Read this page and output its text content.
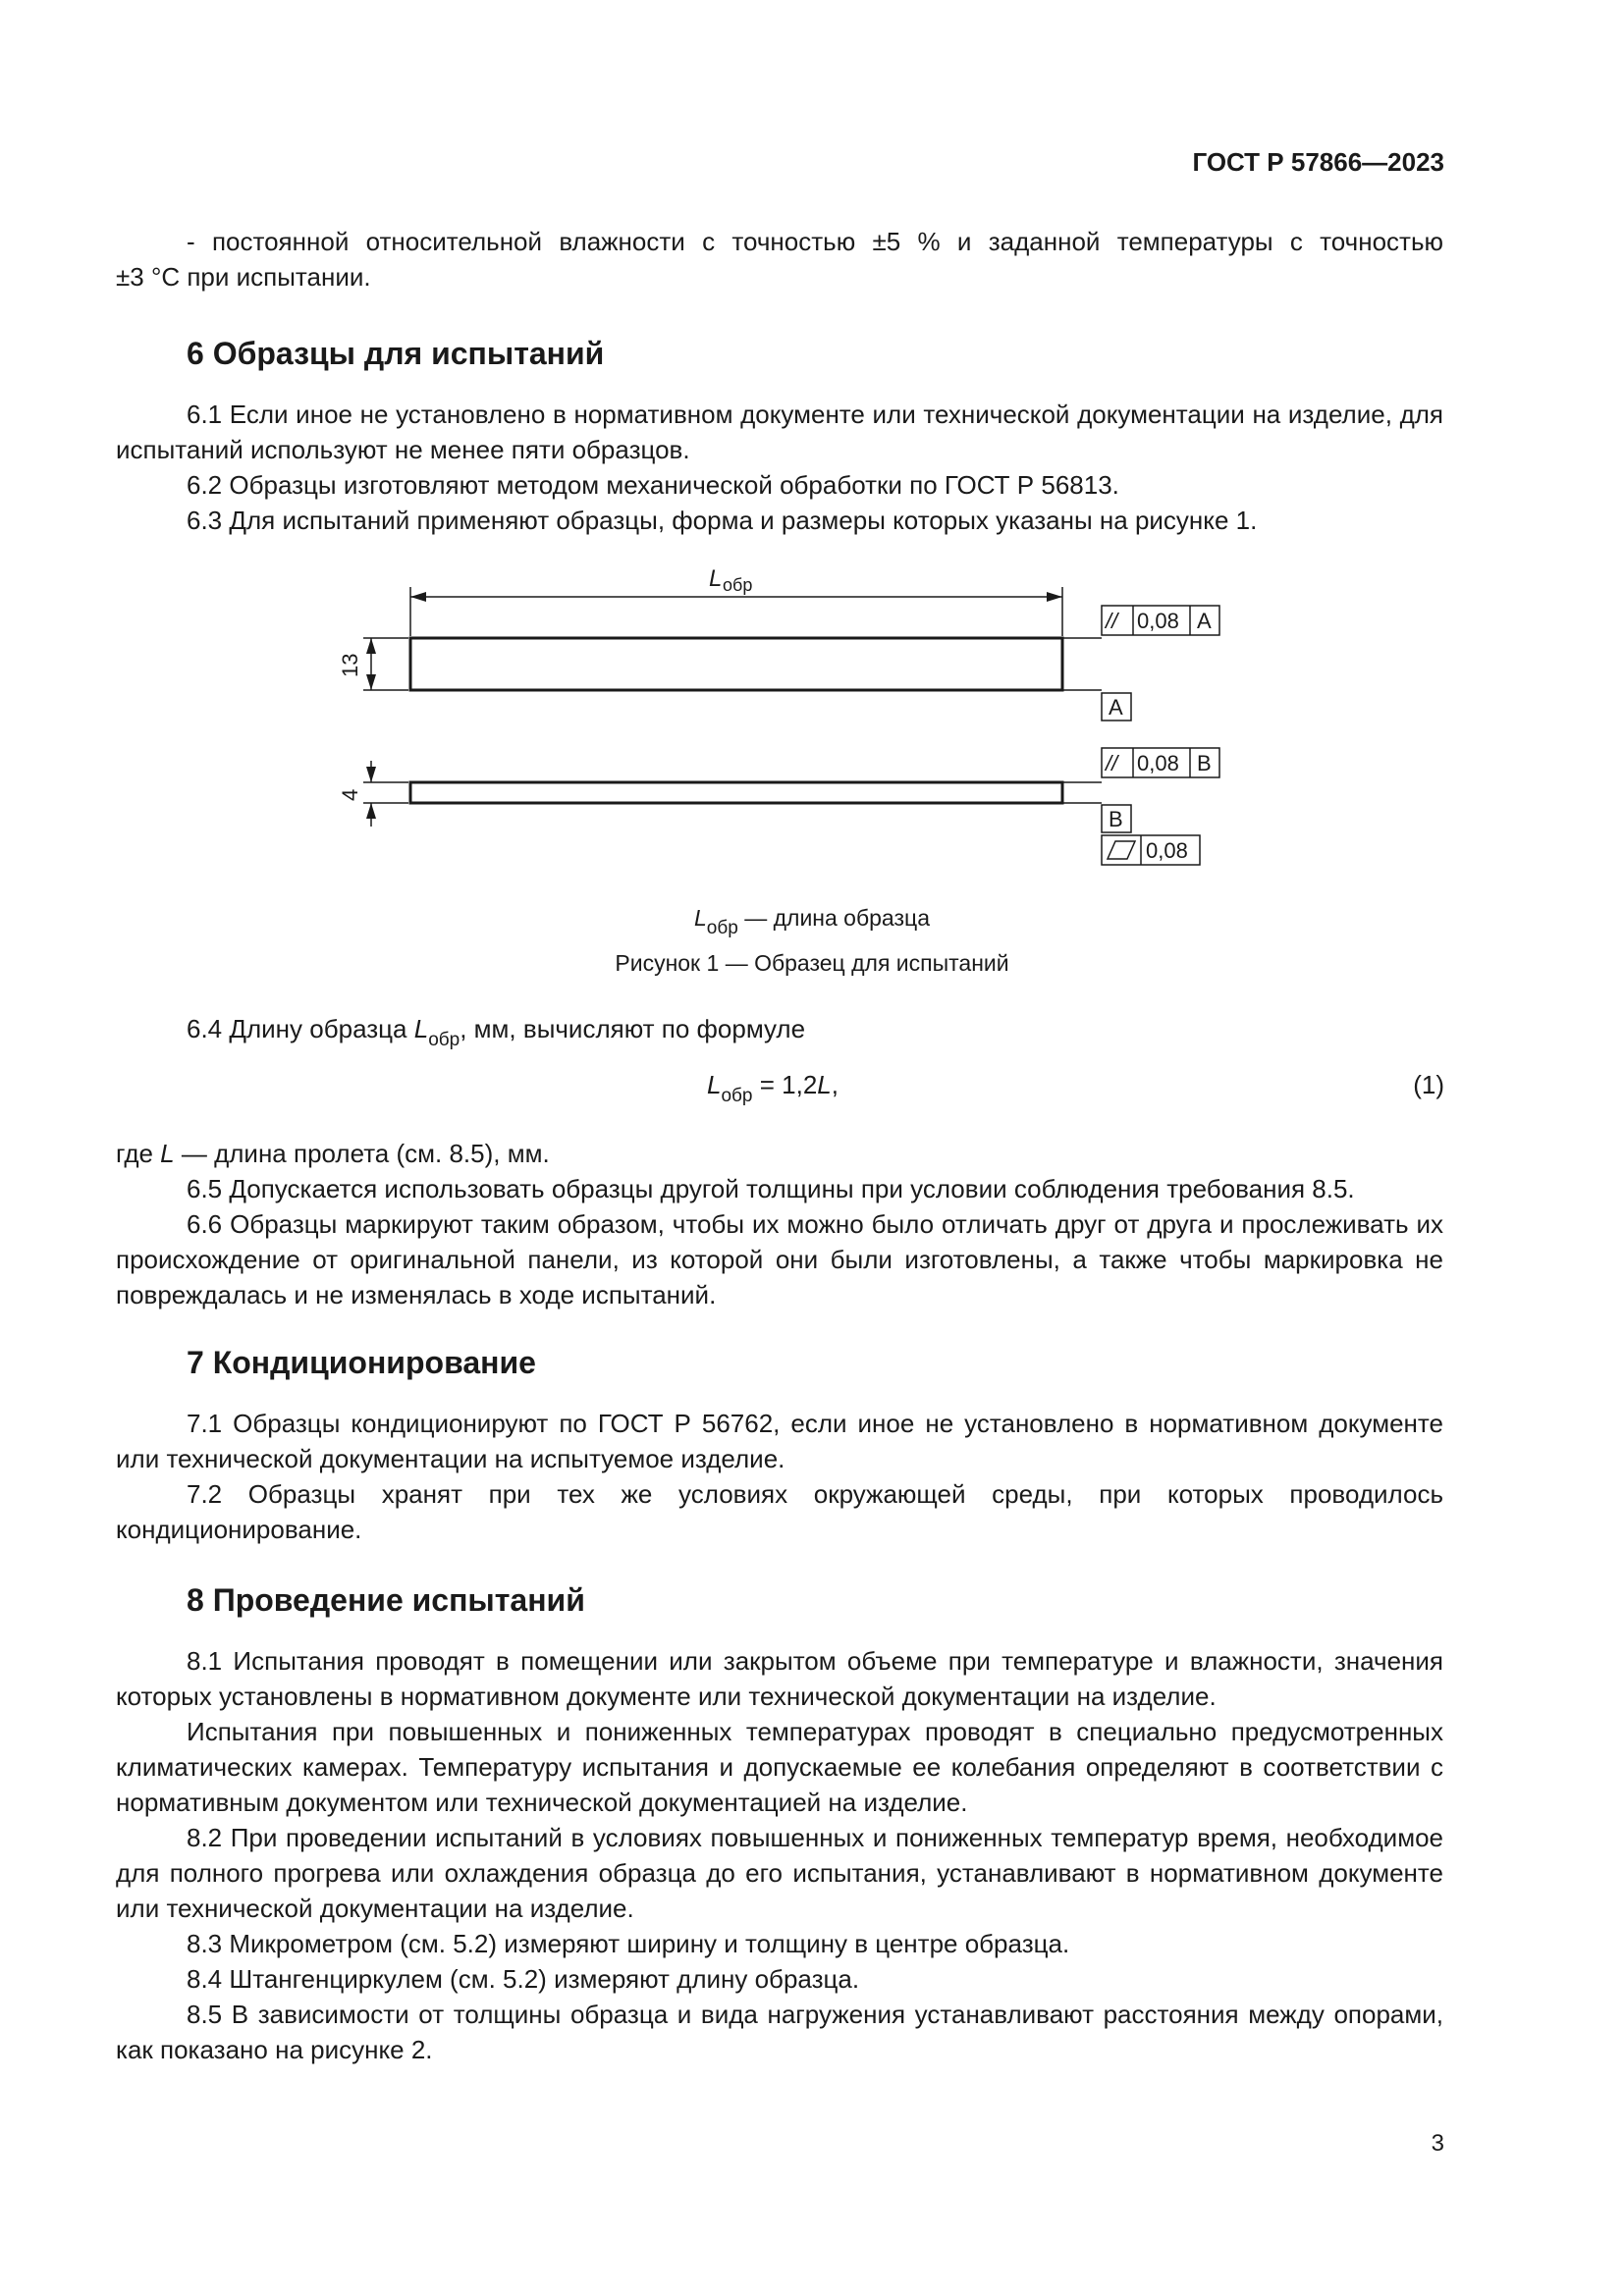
ГОСТ Р 57866—2023

- постоянной относительной влажности с точностью ±5 % и заданной температуры с точностью

±3 °С при испытании.

6 Образцы для испытаний

6.1 Если иное не установлено в нормативном документе или технической документации на изделие, для испытаний используют не менее пяти образцов.

6.2 Образцы изготовляют методом механической обработки по ГОСТ Р 56813.

6.3 Для испытаний применяют образцы, форма и размеры которых указаны на рисунке 1.

L обр
13
4
// 0,08 A
A
// 0,08 B
B
0,08
$L_{обр}$ — длина образца
Рисунок 1 — Образец для испытаний

6.4 Длину образца $L_{обр}$, мм, вычисляют по формуле

$L_{обр} = 1,2L$,	(1)

где L — длина пролета (см. 8.5), мм.

6.5 Допускается использовать образцы другой толщины при условии соблюдения требования 8.5.

6.6 Образцы маркируют таким образом, чтобы их можно было отличать друг от друга и прослеживать их происхождение от оригинальной панели, из которой они были изготовлены, а также чтобы маркировка не повреждалась и не изменялась в ходе испытаний.

7 Кондиционирование

7.1 Образцы кондиционируют по ГОСТ Р 56762, если иное не установлено в нормативном документе или технической документации на испытуемое изделие.

7.2 Образцы хранят при тех же условиях окружающей среды, при которых проводилось кондиционирование.

8 Проведение испытаний

8.1 Испытания проводят в помещении или закрытом объеме при температуре и влажности, значения которых установлены в нормативном документе или технической документации на изделие.

Испытания при повышенных и пониженных температурах проводят в специально предусмотренных климатических камерах. Температуру испытания и допускаемые ее колебания определяют в соответствии с нормативным документом или технической документацией на изделие.

8.2 При проведении испытаний в условиях повышенных и пониженных температур время, необходимое для полного прогрева или охлаждения образца до его испытания, устанавливают в нормативном документе или технической документации на изделие.

8.3 Микрометром (см. 5.2) измеряют ширину и толщину в центре образца.

8.4 Штангенциркулем (см. 5.2) измеряют длину образца.

8.5 В зависимости от толщины образца и вида нагружения устанавливают расстояния между опорами, как показано на рисунке 2.

3
